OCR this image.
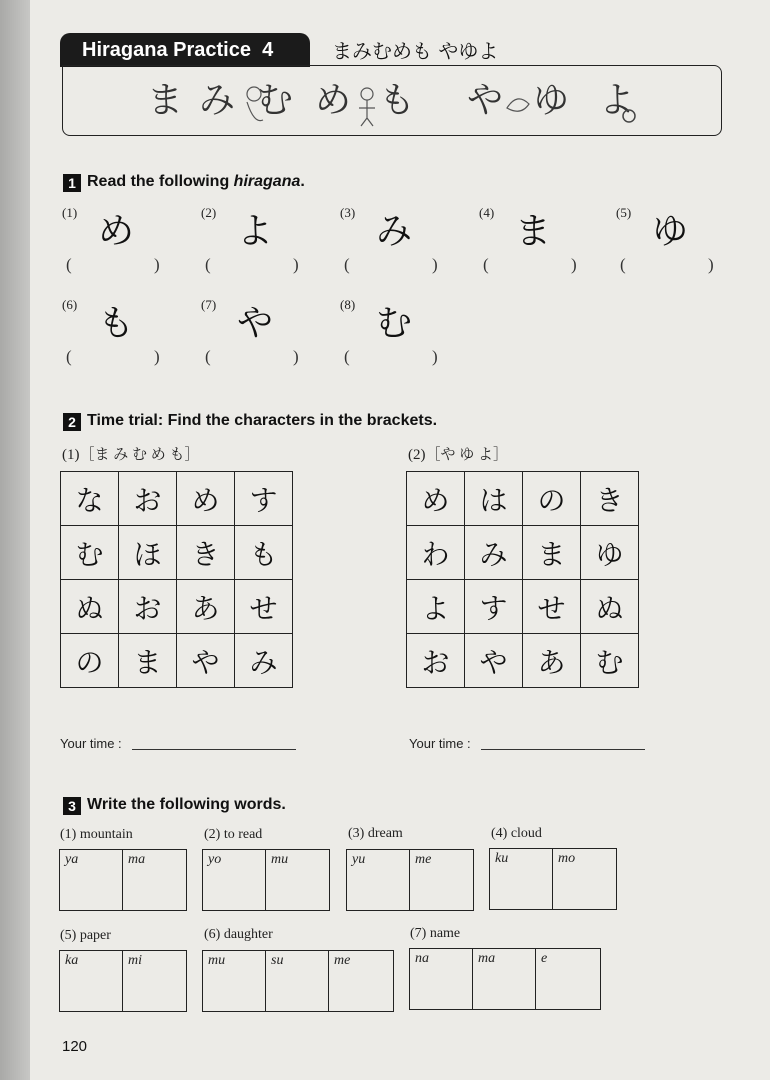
Hiragana Practice 4	まみむめも やゆよ
ま み む め も や ゆ よ
1 Read the following hiragana.
(1) め
(	)
(2) よ
(	)
(3) み
(	)
(4) ま
(	)
(5) ゆ
(	)
(6) も
(	)
(7) や
(	)
(8) む
(	)
2 Time trial: Find the characters in the brackets.
(1)［ま み む め も］
な	お	め	す
む	ほ	き	も
ぬ	お	あ	せ
の	ま	や	み
(2)［や ゆ よ］
め	は	の	き
わ	み	ま	ゆ
よ	す	せ	ぬ
お	や	あ	む
Your time :	Your time :
3 Write the following words.
(1) mountain
ya	ma
(2) to read
yo	mu
(3) dream
yu	me
(4) cloud
ku	mo
(5) paper
ka	mi
(6) daughter
mu	su	me
(7) name
na	ma	e
120
